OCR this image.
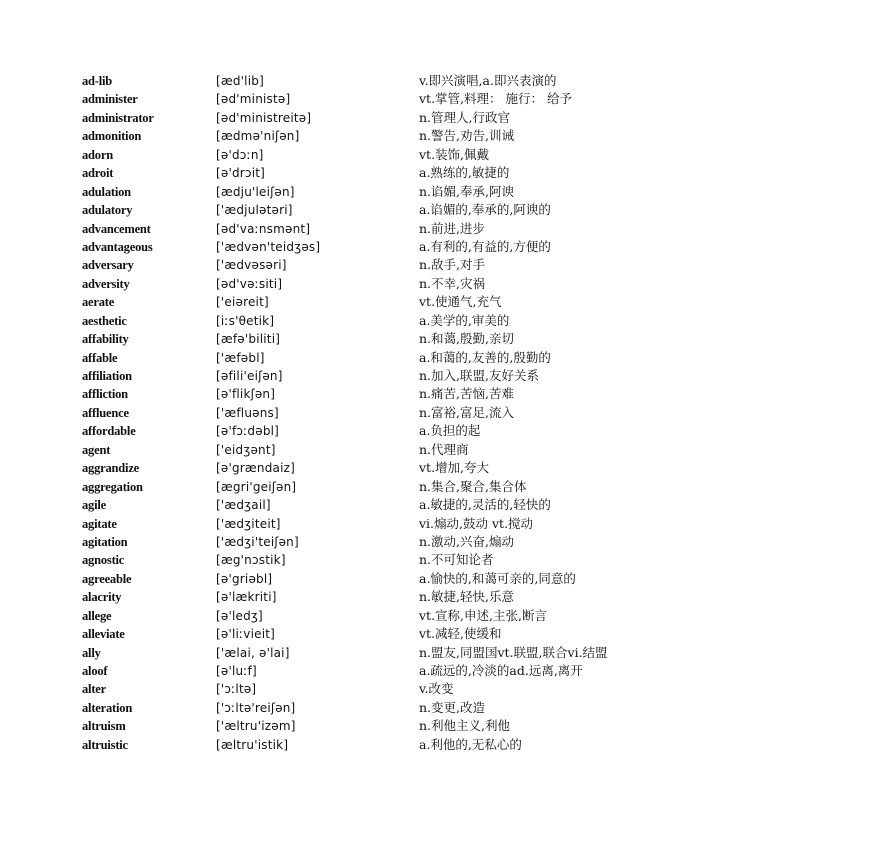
ad-lib	[æd'lib]	v.即兴演唱,a.即兴表演的
administer	[əd'ministə]	vt.掌管,料理： 施行： 给予
administrator	[əd'ministreitə]	n.管理人,行政官
admonition	[ædmə'niʃən]	n.警告,劝告,训诫
adorn	[ə'dɔːn]	vt.装饰,佩戴
adroit	[ə'drɔit]	a.熟练的,敏捷的
adulation	[ædju'leiʃən]	n.谄媚,奉承,阿谀
adulatory	['ædjulətəri]	a.谄媚的,奉承的,阿谀的
advancement	[əd'vaːnsmənt]	n.前进,进步
advantageous	['ædvən'teidʒəs]	a.有利的,有益的,方便的
adversary	['ædvəsəri]	n.敌手,对手
adversity	[əd'vəːsiti]	n.不幸,灾祸
aerate	['eiəreit]	vt.使通气,充气
aesthetic	[iːs'θetik]	a.美学的,审美的
affability	[æfə'biliti]	n.和蔼,殷勤,亲切
affable	['æfəbl]	a.和蔼的,友善的,殷勤的
affiliation	[əfili'eiʃən]	n.加入,联盟,友好关系
affliction	[ə'flikʃən]	n.痛苦,苦恼,苦难
affluence	['æfluəns]	n.富裕,富足,流入
affordable	[ə'fɔːdəbl]	a.负担的起
agent	['eidʒənt]	n.代理商
aggrandize	[ə'grændaiz]	vt.增加,夸大
aggregation	[ægri'geiʃən]	n.集合,聚合,集合体
agile	['ædʒail]	a.敏捷的,灵活的,轻快的
agitate	['ædʒiteit]	vi.煽动,鼓动 vt.搅动
agitation	['ædʒi'teiʃən]	n.激动,兴奋,煽动
agnostic	[æg'nɔstik]	n.不可知论者
agreeable	[ə'griəbl]	a.愉快的,和蔼可亲的,同意的
alacrity	[ə'lækriti]	n.敏捷,轻快,乐意
allege	[ə'ledʒ]	vt.宣称,申述,主张,断言
alleviate	[ə'liːvieit]	vt.减轻,使缓和
ally	['ælai, ə'lai]	n.盟友,同盟国vt.联盟,联合vi.结盟
aloof	[ə'luːf]	a.疏远的,冷淡的ad.远离,离开
alter	['ɔːltə]	v.改变
alteration	['ɔːltə'reiʃən]	n.变更,改造
altruism	['æltru'izəm]	n.利他主义,利他
altruistic	[æltru'istik]	a.利他的,无私心的
